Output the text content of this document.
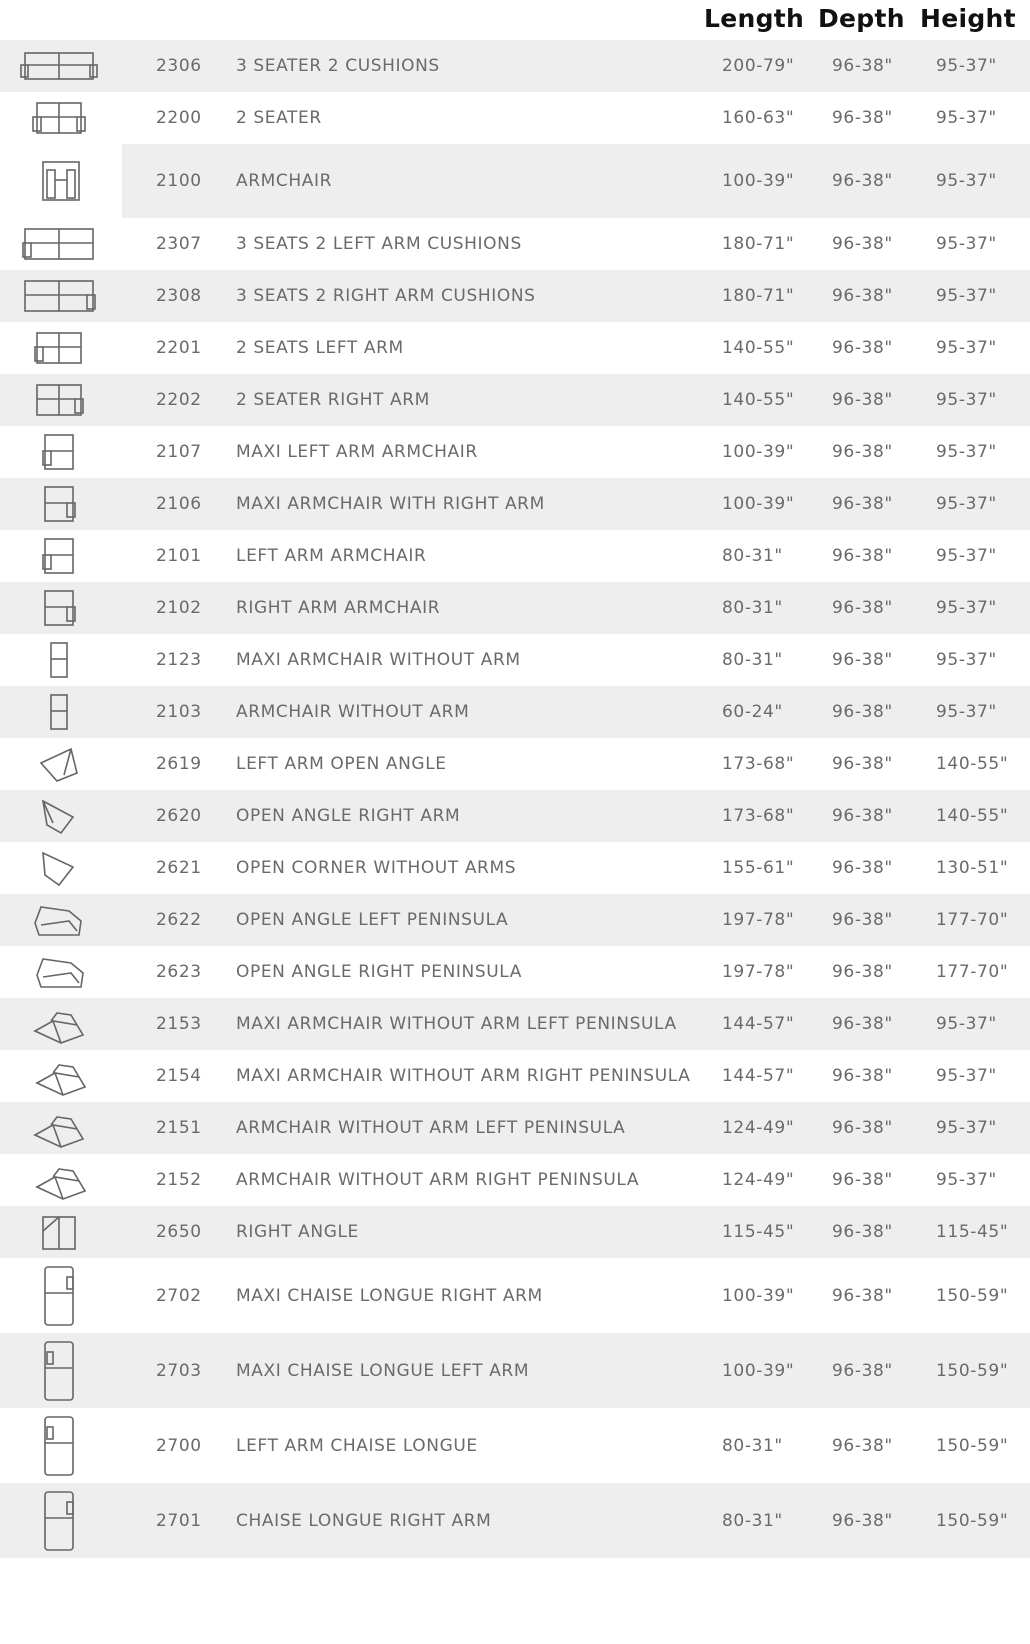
Length Depth Height
2306 3 SEATER 2 CUSHIONS	200-79" 96-38"	95-37"
2200 2 SEATER	160-63" 96-38"	95-37"
2100 ARMCHAIR	100-39" 96-38"	95-37"
2307 3 SEATS 2 LEFT ARM CUSHIONS	180-71" 96-38"	95-37"
2308 3 SEATS 2 RIGHT ARM CUSHIONS	180-71" 96-38"	95-37"
2201 2 SEATS LEFT ARM	140-55" 96-38"	95-37"
2202 2 SEATER RIGHT ARM	140-55" 96-38"	95-37"
2107 MAXI LEFT ARM ARMCHAIR	100-39" 96-38"	95-37"
2106 MAXI ARMCHAIR WITH RIGHT ARM	100-39" 96-38"	95-37"
2101 LEFT ARM ARMCHAIR	80-31"	96-38"	95-37"
2102 RIGHT ARM ARMCHAIR	80-31"	96-38"	95-37"
2123 MAXI ARMCHAIR WITHOUT ARM	80-31"	96-38"	95-37"
2103 ARMCHAIR WITHOUT ARM	60-24"	96-38"	95-37"
2619 LEFT ARM OPEN ANGLE	173-68" 96-38"	140-55"
2620 OPEN ANGLE RIGHT ARM	173-68" 96-38"	140-55"
2621 OPEN CORNER WITHOUT ARMS	155-61" 96-38"	130-51"
2622 OPEN ANGLE LEFT PENINSULA	197-78" 96-38"	177-70"
2623 OPEN ANGLE RIGHT PENINSULA	197-78" 96-38"	177-70"
2153 MAXI ARMCHAIR WITHOUT ARM LEFT PENINSULA	144-57" 96-38"	95-37"
2154 MAXI ARMCHAIR WITHOUT ARM RIGHT PENINSULA 144-57" 96-38"	95-37"
2151 ARMCHAIR WITHOUT ARM LEFT PENINSULA	124-49" 96-38"	95-37"
2152 ARMCHAIR WITHOUT ARM RIGHT PENINSULA	124-49" 96-38"	95-37"
2650 RIGHT ANGLE	115-45" 96-38"	115-45"
2702 MAXI CHAISE LONGUE RIGHT ARM	100-39" 96-38"	150-59"
2703 MAXI CHAISE LONGUE LEFT ARM	100-39" 96-38"	150-59"
2700 LEFT ARM CHAISE LONGUE	80-31"	96-38"	150-59"
2701 CHAISE LONGUE RIGHT ARM	80-31"	96-38"	150-59"
